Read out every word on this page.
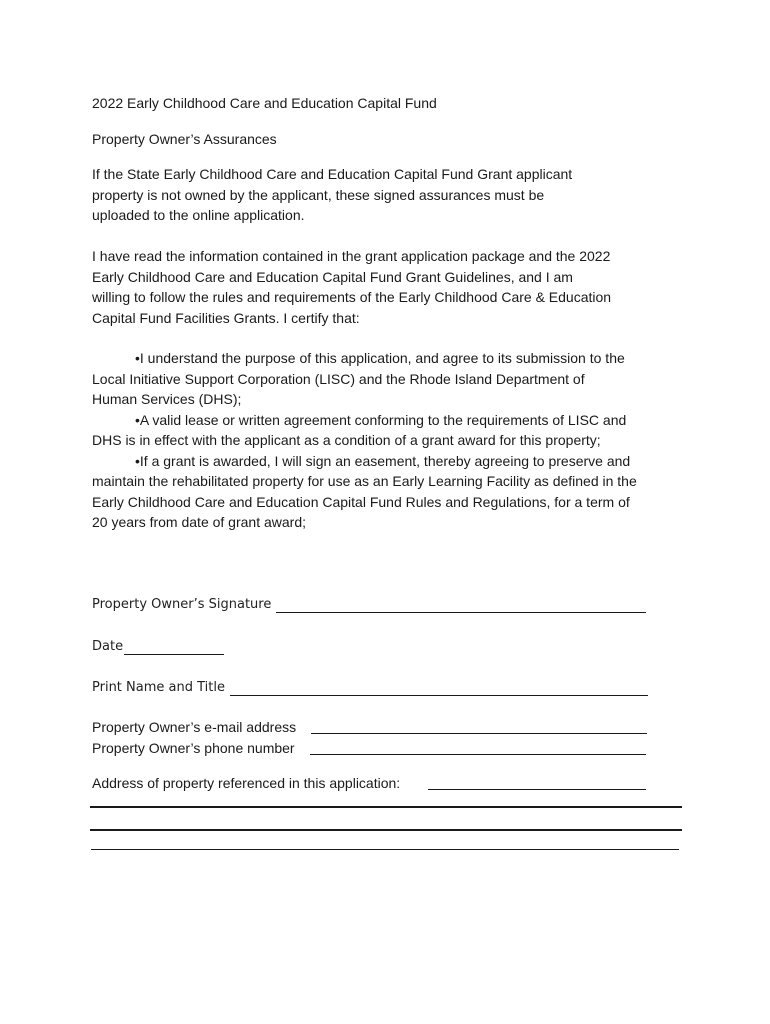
2022 Early Childhood Care and Education Capital Fund
Property Owner’s Assurances
If the State Early Childhood Care and Education Capital Fund Grant applicant
property is not owned by the applicant, these signed assurances must be
uploaded to the online application.
I have read the information contained in the grant application package and the 2022
Early Childhood Care and Education Capital Fund Grant Guidelines, and I am
willing to follow the rules and requirements of the Early Childhood Care & Education
Capital Fund Facilities Grants. I certify that:
•I understand the purpose of this application, and agree to its submission to the
Local Initiative Support Corporation (LISC) and the Rhode Island Department of
Human Services (DHS);
•A valid lease or written agreement conforming to the requirements of LISC and
DHS is in effect with the applicant as a condition of a grant award for this property;
•If a grant is awarded, I will sign an easement, thereby agreeing to preserve and
maintain the rehabilitated property for use as an Early Learning Facility as defined in the
Early Childhood Care and Education Capital Fund Rules and Regulations, for a term of
20 years from date of grant award;
Property Owner’s Signature
Date
Print Name and Title
Property Owner’s e-mail address
Property Owner’s phone number
Address of property referenced in this application:
